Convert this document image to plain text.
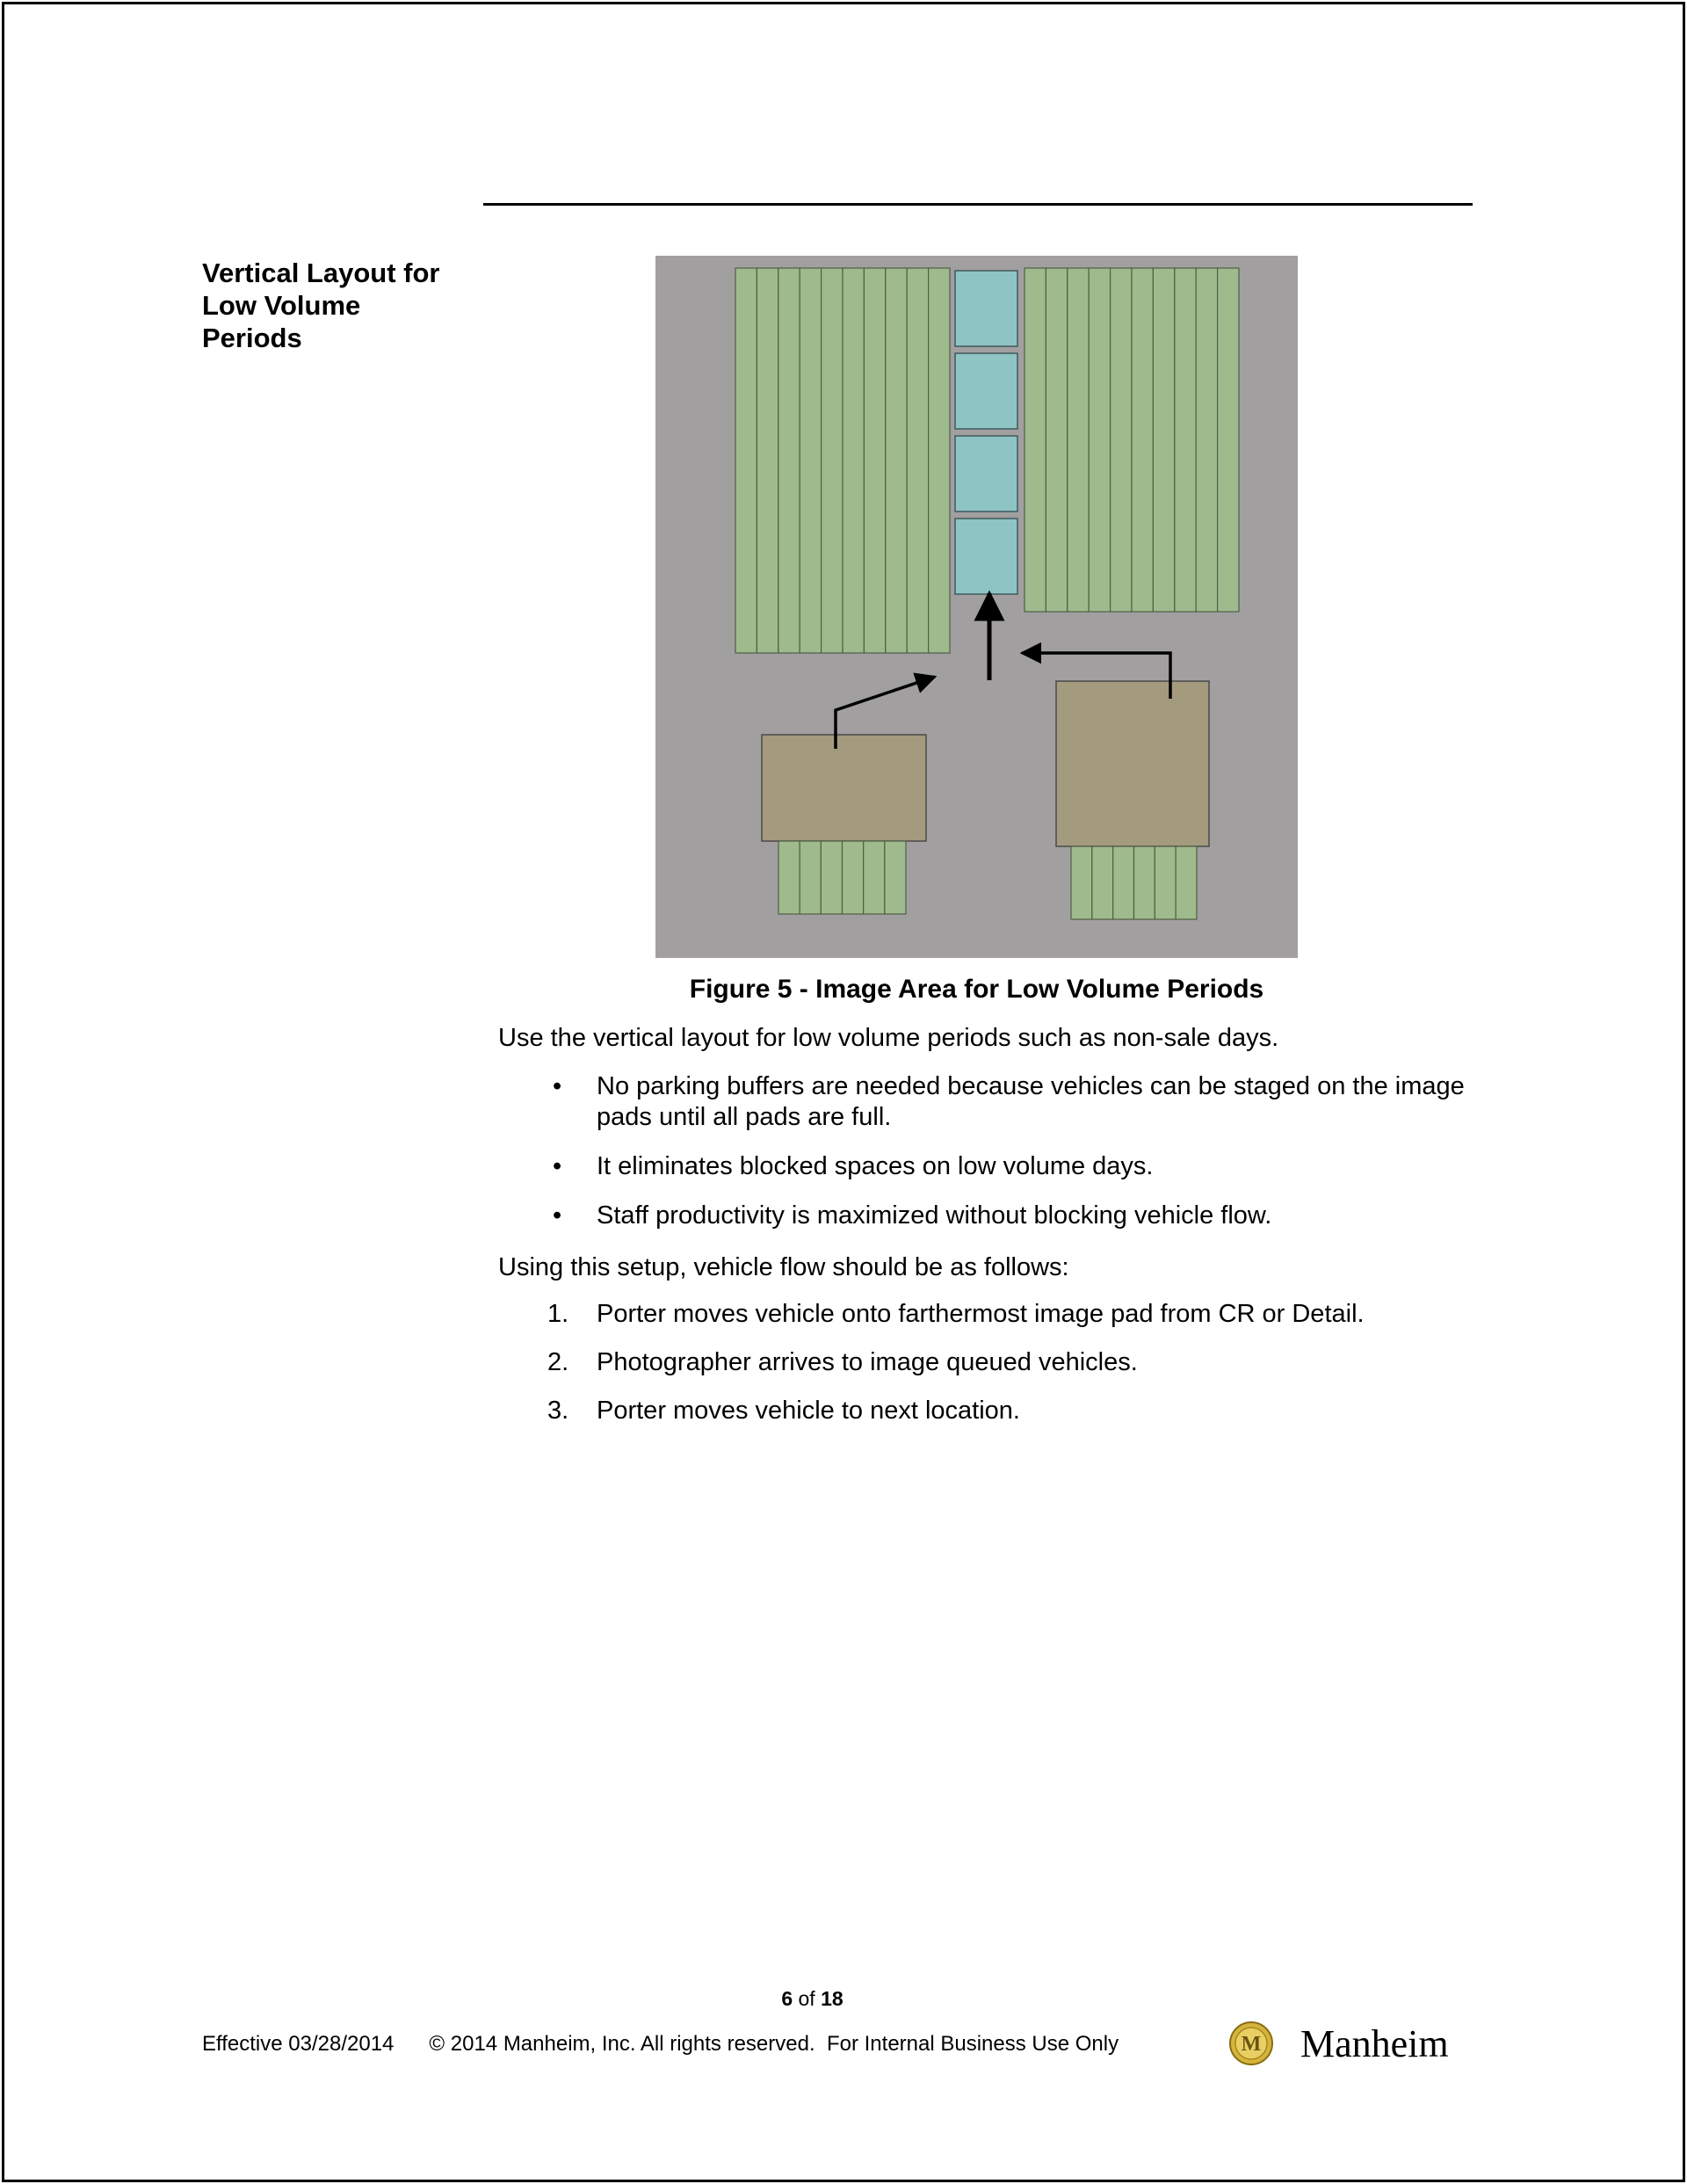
Vertical Layout for
Low Volume
Periods
Figure 5 - Image Area for Low Volume Periods
Use the vertical layout for low volume periods such as non-sale days.
• No parking buffers are needed because vehicles can be staged on the image pads until all pads are full.
• It eliminates blocked spaces on low volume days.
• Staff productivity is maximized without blocking vehicle flow.
Using this setup, vehicle flow should be as follows:
1. Porter moves vehicle onto farthermost image pad from CR or Detail.
2. Photographer arrives to image queued vehicles.
3. Porter moves vehicle to next location.
6 of 18
Effective 03/28/2014 © 2014 Manheim, Inc. All rights reserved.  For Internal Business Use Only	M Manheim
